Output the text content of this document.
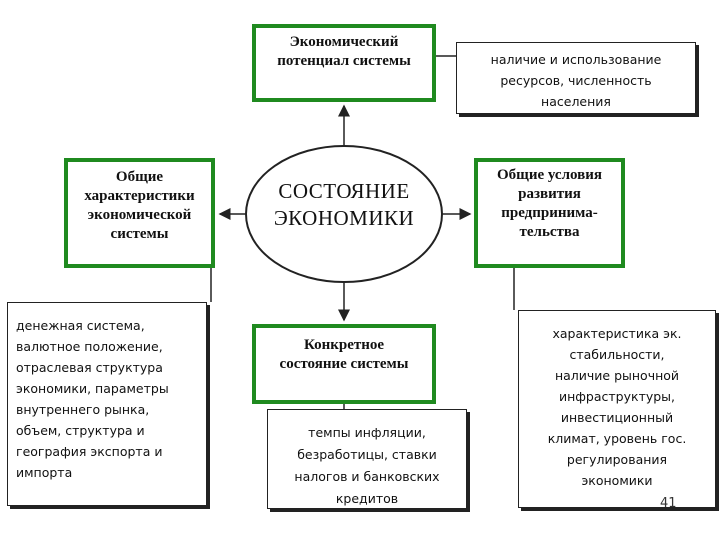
СОСТОЯНИЕ
ЭКОНОМИКИ
Экономический
потенциал системы	наличие и использование
ресурсов, численность
населения
Общие
характеристики
экономической
системы
денежная система,
валютное положение,
отраслевая структура
экономики, параметры
внутреннего рынка,
объем, структура и
география экспорта и
импорта
Общие условия
развития
предпринима-
тельства
характеристика эк.
стабильности,
наличие рыночной
инфраструктуры,
инвестиционный
климат, уровень гос.
регулирования
экономики
Конкретное
состояние системы
темпы инфляции,
безработицы, ставки
налогов и банковских
кредитов	41
